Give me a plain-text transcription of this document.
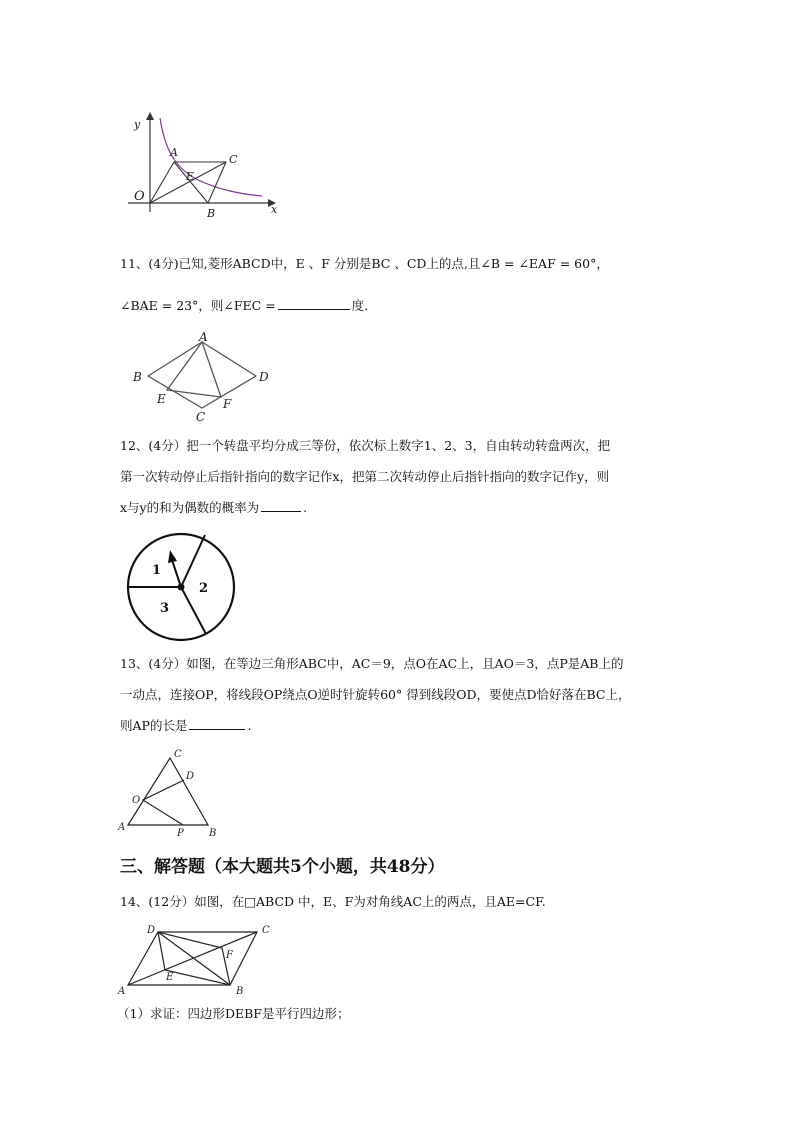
y
x
O
A
C
E
B
11、(4分)已知,菱形ABCD中，E 、F 分别是BC 、CD上的点,且∠B = ∠EAF = 60°，
∠BAE = 23°，则∠FEC =	度.
A
B	D
E	F
C
12、(4分）把一个转盘平均分成三等份，依次标上数字1、2、3，自由转动转盘两次，把
第一次转动停止后指针指向的数字记作x，把第二次转动停止后指针指向的数字记作y，则
x与y的和为偶数的概率为	.
1
2
3
13、(4分）如图，在等边三角形ABC中，AC＝9，点O在AC上，且AO＝3，点P是AB上的
一动点，连接OP，将线段OP绕点O逆时针旋转60° 得到线段OD，要使点D恰好落在BC上，
则AP的长是	.
C
D
O
A
P	B
三、解答题（本大题共5个小题，共48分）
14、(12分）如图，在□ABCD 中，E、F为对角线AC上的两点，且AE=CF.
D	C
F
E
A	B
（1）求证：四边形DEBF是平行四边形；
